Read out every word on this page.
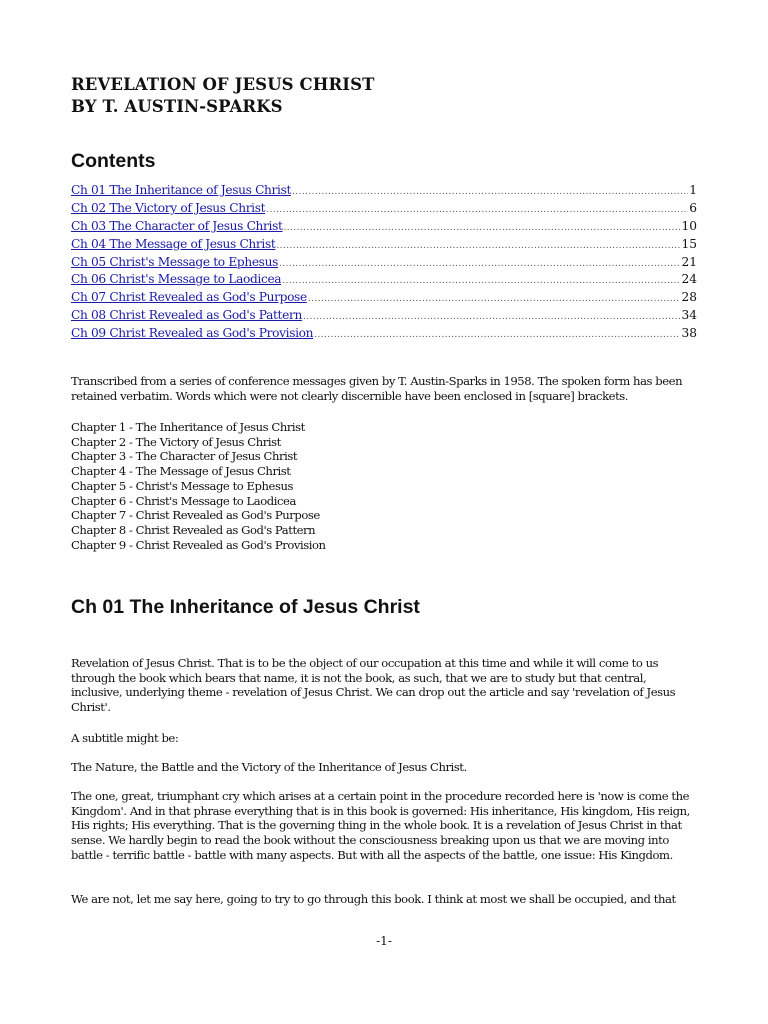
REVELATION OF JESUS CHRIST
BY T. AUSTIN-SPARKS
Contents
Ch 01 The Inheritance of Jesus Christ .....	1
Ch 02 The Victory of Jesus Christ .....	6
Ch 03 The Character of Jesus Christ .....	10
Ch 04 The Message of Jesus Christ .....	15
Ch 05 Christ's Message to Ephesus .....	21
Ch 06 Christ's Message to Laodicea .....	24
Ch 07 Christ Revealed as God's Purpose .....	28
Ch 08 Christ Revealed as God's Pattern .....	34
Ch 09 Christ Revealed as God's Provision .....	38

Transcribed from a series of conference messages given by T. Austin-Sparks in 1958. The spoken form has been retained verbatim. Words which were not clearly discernible have been enclosed in [square] brackets.

Chapter 1 - The Inheritance of Jesus Christ
Chapter 2 - The Victory of Jesus Christ
Chapter 3 - The Character of Jesus Christ
Chapter 4 - The Message of Jesus Christ
Chapter 5 - Christ's Message to Ephesus
Chapter 6 - Christ's Message to Laodicea
Chapter 7 - Christ Revealed as God's Purpose
Chapter 8 - Christ Revealed as God's Pattern
Chapter 9 - Christ Revealed as God's Provision
Ch 01 The Inheritance of Jesus Christ

Revelation of Jesus Christ. That is to be the object of our occupation at this time and while it will come to us through the book which bears that name, it is not the book, as such, that we are to study but that central, inclusive, underlying theme - revelation of Jesus Christ. We can drop out the article and say 'revelation of Jesus Christ'.

A subtitle might be:

The Nature, the Battle and the Victory of the Inheritance of Jesus Christ.

The one, great, triumphant cry which arises at a certain point in the procedure recorded here is 'now is come the Kingdom'. And in that phrase everything that is in this book is governed: His inheritance, His kingdom, His reign, His rights; His everything. That is the governing thing in the whole book. It is a revelation of Jesus Christ in that sense. We hardly begin to read the book without the consciousness breaking upon us that we are moving into battle - terrific battle - battle with many aspects. But with all the aspects of the battle, one issue: His Kingdom.

We are not, let me say here, going to try to go through this book. I think at most we shall be occupied, and that

-1-
